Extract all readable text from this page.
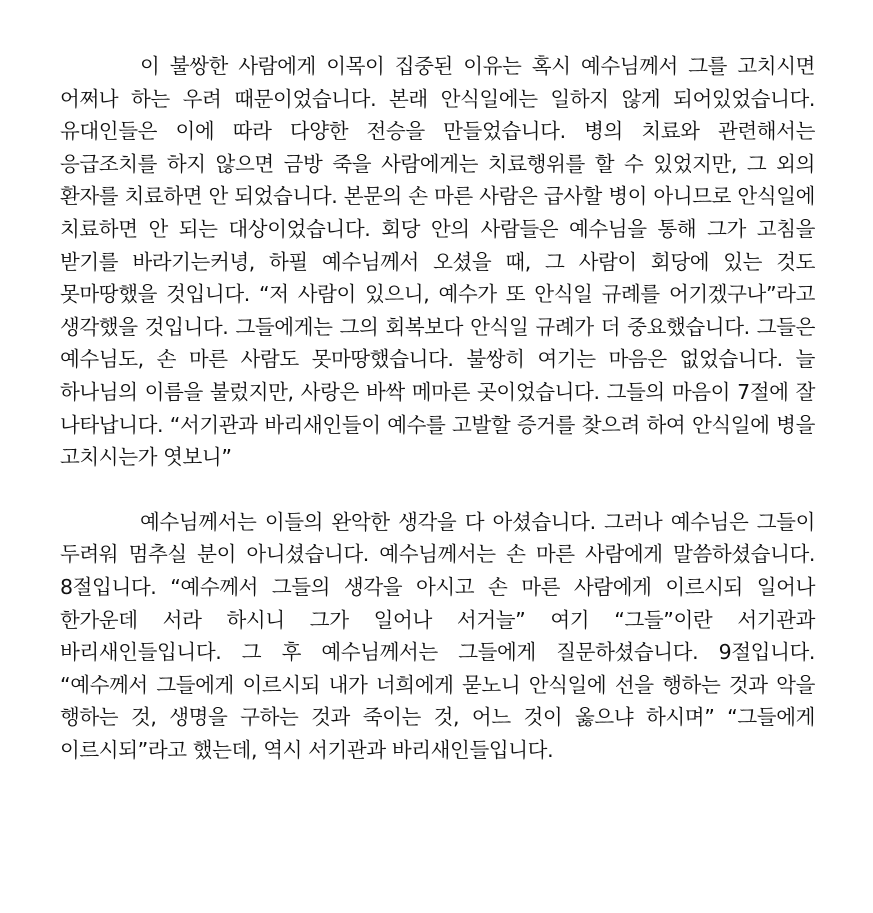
이 불쌍한 사람에게 이목이 집중된 이유는 혹시 예수님께서 그를 고치시면 어쩌나 하는 우려 때문이었습니다. 본래 안식일에는 일하지 않게 되어있었습니다. 유대인들은 이에 따라 다양한 전승을 만들었습니다. 병의 치료와 관련해서는 응급조치를 하지 않으면 금방 죽을 사람에게는 치료행위를 할 수 있었지만, 그 외의 환자를 치료하면 안 되었습니다. 본문의 손 마른 사람은 급사할 병이 아니므로 안식일에 치료하면 안 되는 대상이었습니다. 회당 안의 사람들은 예수님을 통해 그가 고침을 받기를 바라기는커녕, 하필 예수님께서 오셨을 때, 그 사람이 회당에 있는 것도 못마땅했을 것입니다. “저 사람이 있으니, 예수가 또 안식일 규례를 어기겠구나”라고 생각했을 것입니다. 그들에게는 그의 회복보다 안식일 규례가 더 중요했습니다. 그들은 예수님도, 손 마른 사람도 못마땅했습니다. 불쌍히 여기는 마음은 없었습니다. 늘 하나님의 이름을 불렀지만, 사랑은 바싹 메마른 곳이었습니다. 그들의 마음이 7절에 잘 나타납니다. “서기관과 바리새인들이 예수를 고발할 증거를 찾으려 하여 안식일에 병을 고치시는가 엿보니”

예수님께서는 이들의 완악한 생각을 다 아셨습니다. 그러나 예수님은 그들이 두려워 멈추실 분이 아니셨습니다. 예수님께서는 손 마른 사람에게 말씀하셨습니다. 8절입니다. “예수께서 그들의 생각을 아시고 손 마른 사람에게 이르시되 일어나 한가운데 서라 하시니 그가 일어나 서거늘” 여기 “그들”이란 서기관과 바리새인들입니다. 그 후 예수님께서는 그들에게 질문하셨습니다. 9절입니다. “예수께서 그들에게 이르시되 내가 너희에게 묻노니 안식일에 선을 행하는 것과 악을 행하는 것, 생명을 구하는 것과 죽이는 것, 어느 것이 옳으냐 하시며” “그들에게 이르시되”라고 했는데, 역시 서기관과 바리새인들입니다.
